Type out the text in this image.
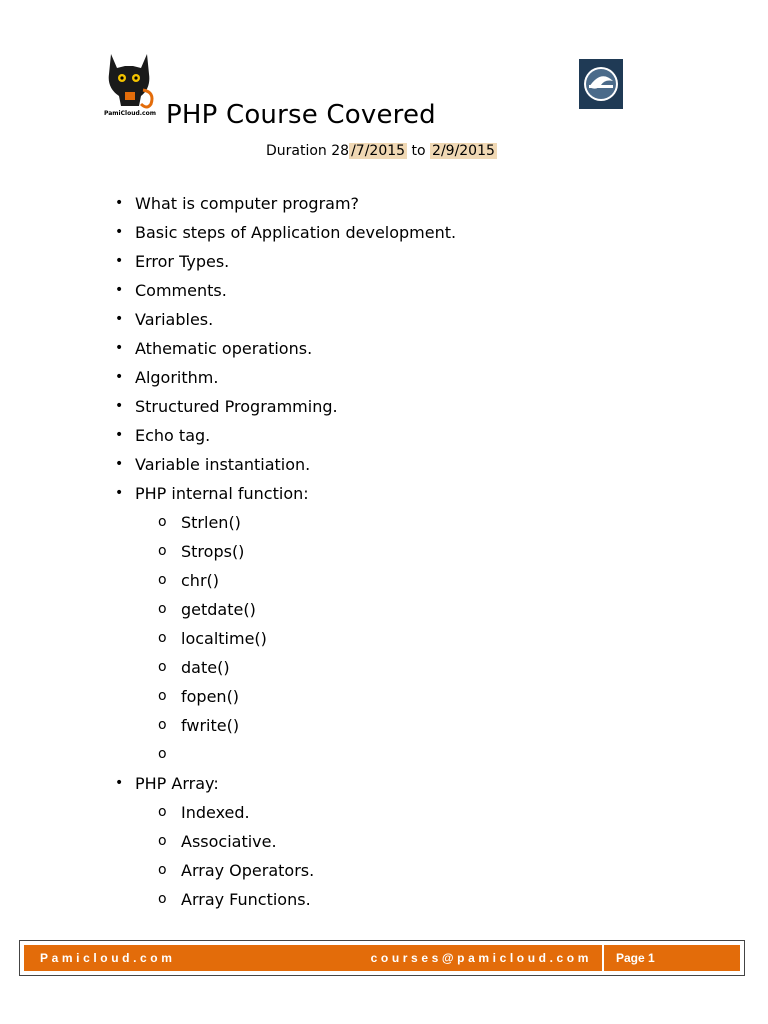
PamiCloud.com PHP Course Covered
Duration 28 /7/2015 to 2/9/2015
• What is computer program?
• Basic steps of Application development.
• Error Types.
• Comments.
• Variables.
• Athematic operations.
• Algorithm.
• Structured Programming.
• Echo tag.
• Variable instantiation.
• PHP internal function:
o Strlen()
o Strops()
o chr()
o getdate()
o localtime()
o date()
o fopen()
o fwrite()
o
• PHP Array:
o Indexed.
o Associative.
o Array Operators.
o Array Functions.
Pamicloud.com	courses@pamicloud.com	Page 1
